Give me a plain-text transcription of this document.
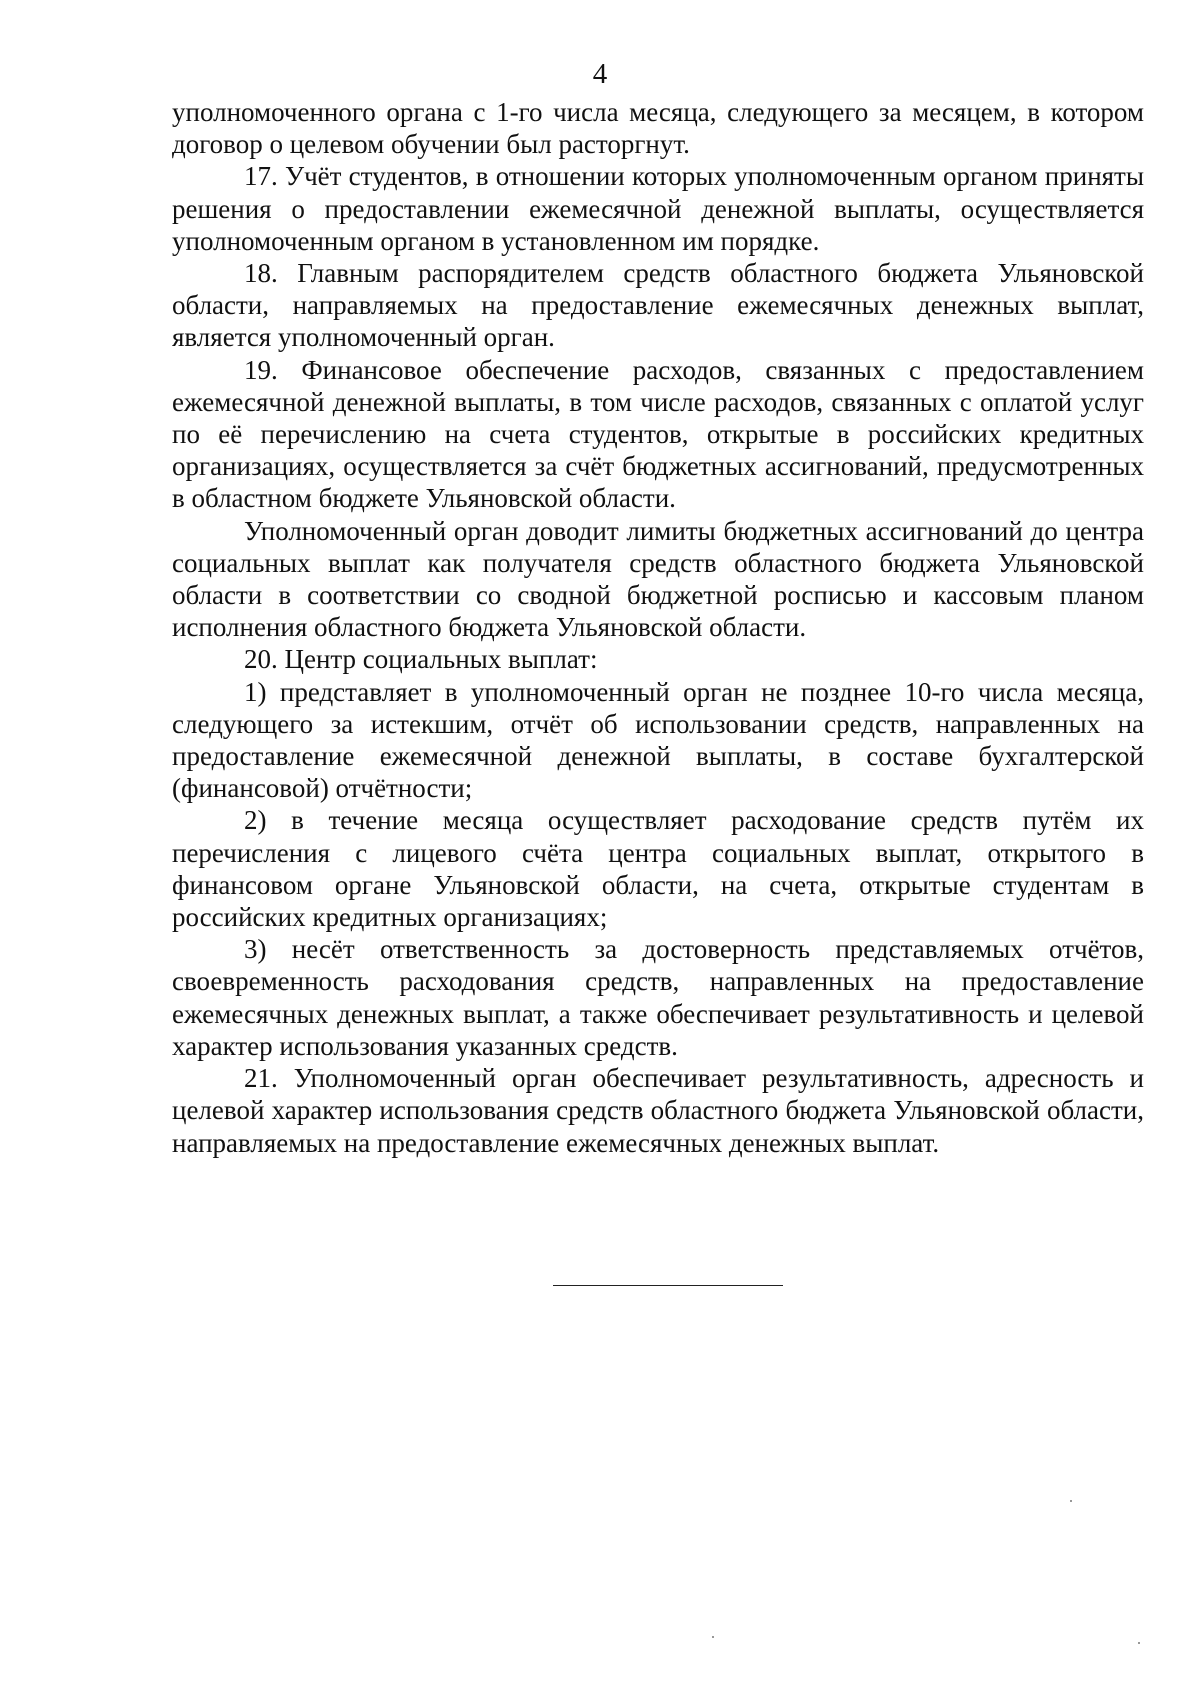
4

уполномоченного органа с 1-го числа месяца, следующего за месяцем, в котором договор о целевом обучении был расторгнут.

17. Учёт студентов, в отношении которых уполномоченным органом приняты решения о предоставлении ежемесячной денежной выплаты, осуществляется уполномоченным органом в установленном им порядке.

18. Главным распорядителем средств областного бюджета Ульяновской области, направляемых на предоставление ежемесячных денежных выплат, является уполномоченный орган.

19. Финансовое обеспечение расходов, связанных с предоставлением ежемесячной денежной выплаты, в том числе расходов, связанных с оплатой услуг по её перечислению на счета студентов, открытые в российских кредитных организациях, осуществляется за счёт бюджетных ассигнований, предусмотренных в областном бюджете Ульяновской области.

Уполномоченный орган доводит лимиты бюджетных ассигнований до центра социальных выплат как получателя средств областного бюджета Ульяновской области в соответствии со сводной бюджетной росписью и кассовым планом исполнения областного бюджета Ульяновской области.

20. Центр социальных выплат:

1) представляет в уполномоченный орган не позднее 10-го числа месяца, следующего за истекшим, отчёт об использовании средств, направленных на предоставление ежемесячной денежной выплаты, в составе бухгалтерской (финансовой) отчётности;

2) в течение месяца осуществляет расходование средств путём их перечисления с лицевого счёта центра социальных выплат, открытого в финансовом органе Ульяновской области, на счета, открытые студентам в российских кредитных организациях;

3) несёт ответственность за достоверность представляемых отчётов, своевременность расходования средств, направленных на предоставление ежемесячных денежных выплат, а также обеспечивает результативность и целевой характер использования указанных средств.

21. Уполномоченный орган обеспечивает результативность, адресность и целевой характер использования средств областного бюджета Ульяновской области, направляемых на предоставление ежемесячных денежных выплат.
